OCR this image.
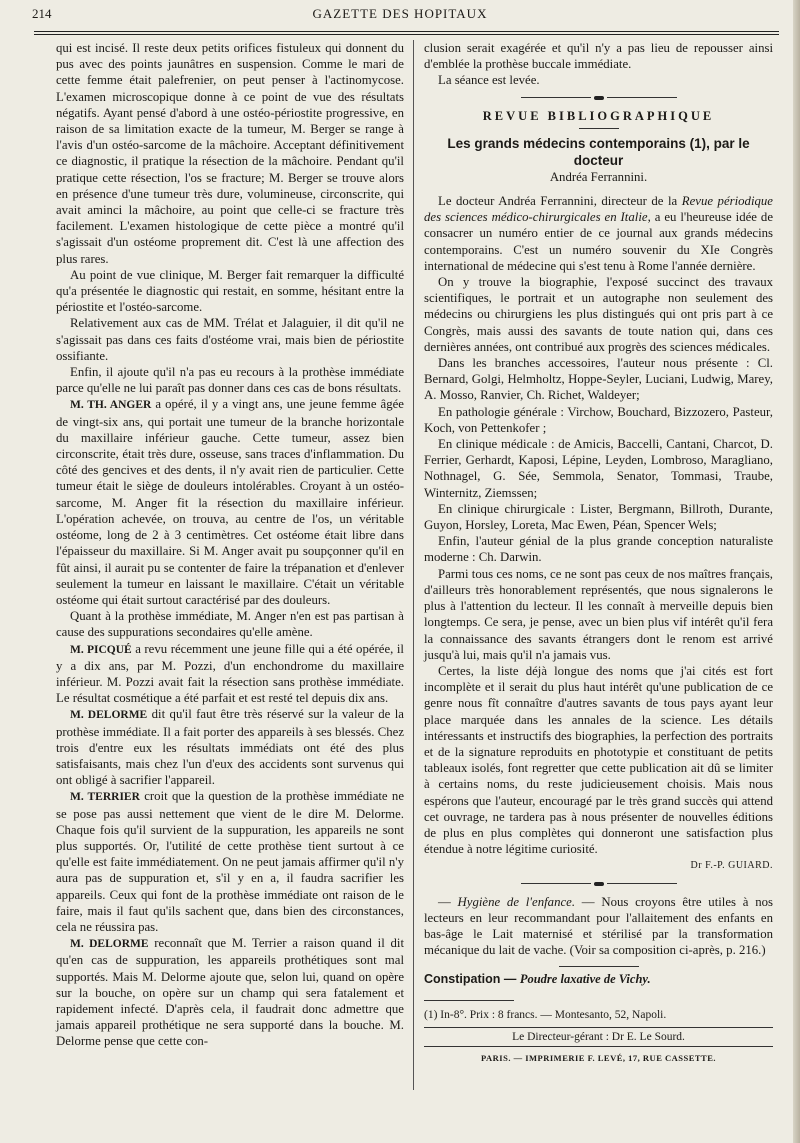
214	GAZETTE DES HOPITAUX

qui est incisé. Il reste deux petits orifices fistuleux qui donnent du pus avec des points jaunâtres en suspension. Comme le mari de cette femme était palefrenier, on peut penser à l'actinomycose. L'examen microscopique donne à ce point de vue des résultats négatifs. Ayant pensé d'abord à une ostéo-périostite progressive, en raison de sa limitation exacte de la tumeur, M. Berger se range à l'avis d'un ostéo-sarcome de la mâchoire. Acceptant définitivement ce diagnostic, il pratique la résection de la mâchoire. Pendant qu'il pratique cette résection, l'os se fracture; M. Berger se trouve alors en présence d'une tumeur très dure, volumineuse, circonscrite, qui avait aminci la mâchoire, au point que celle-ci se fracture très facilement. L'examen histologique de cette pièce a montré qu'il s'agissait d'un ostéome proprement dit. C'est là une affection des plus rares.

Au point de vue clinique, M. Berger fait remarquer la difficulté qu'a présentée le diagnostic qui restait, en somme, hésitant entre la périostite et l'ostéo-sarcome.

Relativement aux cas de MM. Trélat et Jalaguier, il dit qu'il ne s'agissait pas dans ces faits d'ostéome vrai, mais bien de périostite ossifiante.

Enfin, il ajoute qu'il n'a pas eu recours à la prothèse immédiate parce qu'elle ne lui paraît pas donner dans ces cas de bons résultats.

M. TH. ANGER a opéré, il y a vingt ans, une jeune femme âgée de vingt-six ans, qui portait une tumeur de la branche horizontale du maxillaire inférieur gauche. Cette tumeur, assez bien circonscrite, était très dure, osseuse, sans traces d'inflammation. Du côté des gencives et des dents, il n'y avait rien de particulier. Cette tumeur était le siège de douleurs intolérables. Croyant à un ostéo-sarcome, M. Anger fit la résection du maxillaire inférieur. L'opération achevée, on trouva, au centre de l'os, un véritable ostéome, long de 2 à 3 centimètres. Cet ostéome était libre dans l'épaisseur du maxillaire. Si M. Anger avait pu soupçonner qu'il en fût ainsi, il aurait pu se contenter de faire la trépanation et d'enlever seulement la tumeur en laissant le maxillaire. C'était un véritable ostéome qui était surtout caractérisé par des douleurs.

Quant à la prothèse immédiate, M. Anger n'en est pas partisan à cause des suppurations secondaires qu'elle amène.

M. PICQUÉ a revu récemment une jeune fille qui a été opérée, il y a dix ans, par M. Pozzi, d'un enchondrome du maxillaire inférieur. M. Pozzi avait fait la résection sans prothèse immédiate. Le résultat cosmétique a été parfait et est resté tel depuis dix ans.

M. DELORME dit qu'il faut être très réservé sur la valeur de la prothèse immédiate. Il a fait porter des appareils à ses blessés. Chez trois d'entre eux les résultats immédiats ont été des plus satisfaisants, mais chez l'un d'eux des accidents sont survenus qui ont obligé à sacrifier l'appareil.

M. TERRIER croit que la question de la prothèse immédiate ne se pose pas aussi nettement que vient de le dire M. Delorme. Chaque fois qu'il survient de la suppuration, les appareils ne sont plus supportés. Or, l'utilité de cette prothèse tient surtout à ce qu'elle est faite immédiatement. On ne peut jamais affirmer qu'il n'y aura pas de suppuration et, s'il y en a, il faudra sacrifier les appareils. Ceux qui font de la prothèse immédiate ont raison de le faire, mais il faut qu'ils sachent que, dans bien des circonstances, cela ne réussira pas.

M. DELORME reconnaît que M. Terrier a raison quand il dit qu'en cas de suppuration, les appareils prothétiques sont mal supportés. Mais M. Delorme ajoute que, selon lui, quand on opère sur la bouche, on opère sur un champ qui sera fatalement et rapidement infecté. D'après cela, il faudrait donc admettre que jamais appareil prothétique ne sera supporté dans la bouche. M. Delorme pense que cette con-

clusion serait exagérée et qu'il n'y a pas lieu de repousser ainsi d'emblée la prothèse buccale immédiate.

La séance est levée.

REVUE BIBLIOGRAPHIQUE
Les grands médecins contemporains (1), par le docteur
Andréa Ferrannini.

Le docteur Andréa Ferrannini, directeur de la Revue périodique des sciences médico-chirurgicales en Italie, a eu l'heureuse idée de consacrer un numéro entier de ce journal aux grands médecins contemporains. C'est un numéro souvenir du XIe Congrès international de médecine qui s'est tenu à Rome l'année dernière.

On y trouve la biographie, l'exposé succinct des travaux scientifiques, le portrait et un autographe non seulement des médecins ou chirurgiens les plus distingués qui ont pris part à ce Congrès, mais aussi des savants de toute nation qui, dans ces dernières années, ont contribué aux progrès des sciences médicales.

Dans les branches accessoires, l'auteur nous présente : Cl. Bernard, Golgi, Helmholtz, Hoppe-Seyler, Luciani, Ludwig, Marey, A. Mosso, Ranvier, Ch. Richet, Waldeyer;

En pathologie générale : Virchow, Bouchard, Bizzozero, Pasteur, Koch, von Pettenkofer ;

En clinique médicale : de Amicis, Baccelli, Cantani, Charcot, D. Ferrier, Gerhardt, Kaposi, Lépine, Leyden, Lombroso, Maragliano, Nothnagel, G. Sée, Semmola, Senator, Tommasi, Traube, Winternitz, Ziemssen;

En clinique chirurgicale : Lister, Bergmann, Billroth, Durante, Guyon, Horsley, Loreta, Mac Ewen, Péan, Spencer Wels;

Enfin, l'auteur génial de la plus grande conception naturaliste moderne : Ch. Darwin.

Parmi tous ces noms, ce ne sont pas ceux de nos maîtres français, d'ailleurs très honorablement représentés, que nous signalerons le plus à l'attention du lecteur. Il les connaît à merveille depuis bien longtemps. Ce sera, je pense, avec un bien plus vif intérêt qu'il fera la connaissance des savants étrangers dont le renom est arrivé jusqu'à lui, mais qu'il n'a jamais vus.

Certes, la liste déjà longue des noms que j'ai cités est fort incomplète et il serait du plus haut intérêt qu'une publication de ce genre nous fît connaître d'autres savants de tous pays ayant leur place marquée dans les annales de la science. Les détails intéressants et instructifs des biographies, la perfection des portraits et de la signature reproduits en phototypie et constituant de petits tableaux isolés, font regretter que cette publication ait dû se limiter à certains noms, du reste judicieusement choisis. Mais nous espérons que l'auteur, encouragé par le très grand succès qui attend cet ouvrage, ne tardera pas à nous présenter de nouvelles éditions de plus en plus complètes qui donneront une satisfaction plus étendue à notre légitime curiosité.

Dr F.-P. GUIARD.

— Hygiène de l'enfance. — Nous croyons être utiles à nos lecteurs en leur recommandant pour l'allaitement des enfants en bas-âge le Lait maternisé et stérilisé par la transformation mécanique du lait de vache. (Voir sa composition ci-après, p. 216.)

Constipation — Poudre laxative de Vichy.

(1) In-8°. Prix : 8 francs. — Montesanto, 52, Napoli.

Le Directeur-gérant : Dr E. Le Sourd.
PARIS. — IMPRIMERIE F. LEVÉ, 17, RUE CASSETTE.
